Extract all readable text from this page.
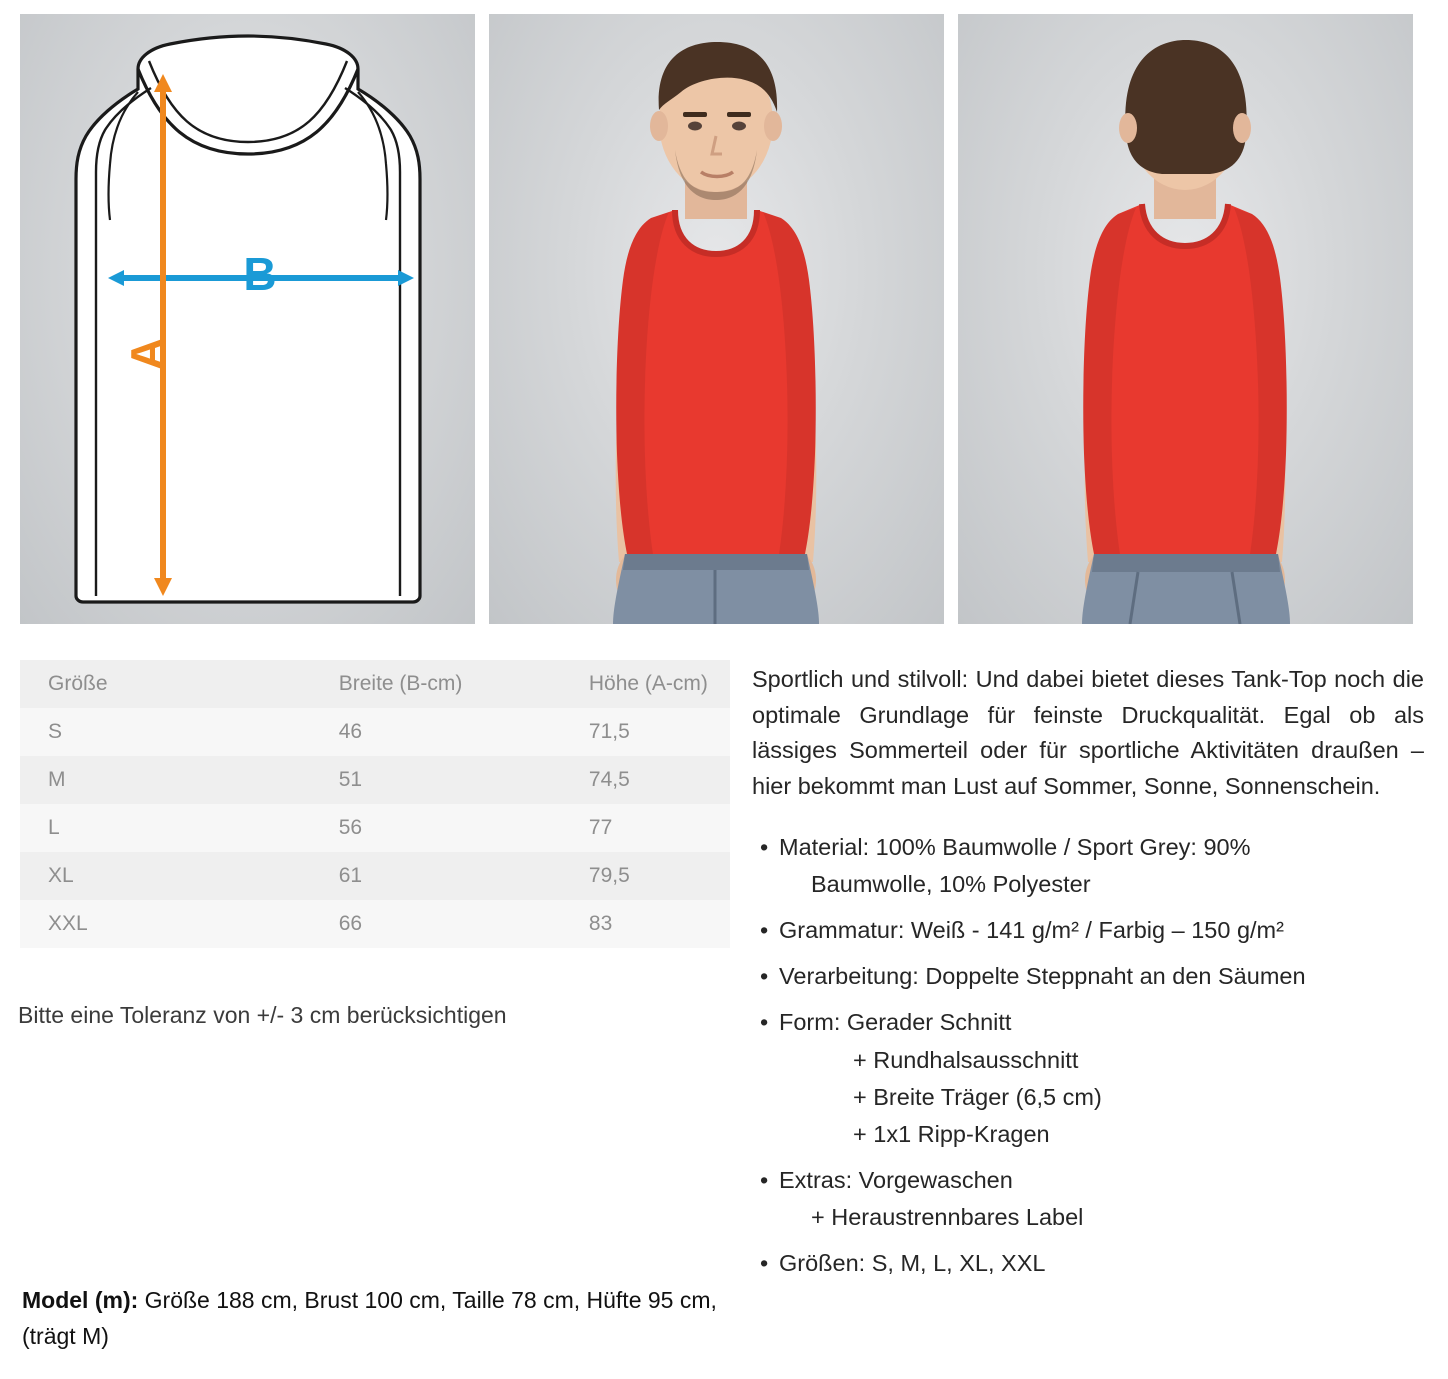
B
A
Größe	Breite (B-cm)	Höhe (A-cm)
S	46	71,5
M	51	74,5
L	56	77
XL	61	79,5
XXL	66	83
Bitte eine Toleranz von +/- 3 cm berücksichtigen
Model (m): Größe 188 cm, Brust 100 cm, Taille 78 cm, Hüfte 95 cm, (trägt M)

Sportlich und stilvoll: Und dabei bietet dieses Tank-Top noch die optimale Grundlage für feinste Druckqualität. Egal ob als lässiges Sommerteil oder für sportliche Aktivitäten draußen – hier bekommt man Lust auf Sommer, Sonne, Sonnenschein.

• Material: 100% Baumwolle / Sport Grey: 90%
Baumwolle, 10% Polyester
• Grammatur: Weiß - 141 g/m² / Farbig – 150 g/m²
• Verarbeitung: Doppelte Steppnaht an den Säumen
• Form: Gerader Schnitt
+ Rundhalsausschnitt
+ Breite Träger (6,5 cm)
+ 1x1 Ripp-Kragen
• Extras: Vorgewaschen
+ Heraustrennbares Label
• Größen: S, M, L, XL, XXL
